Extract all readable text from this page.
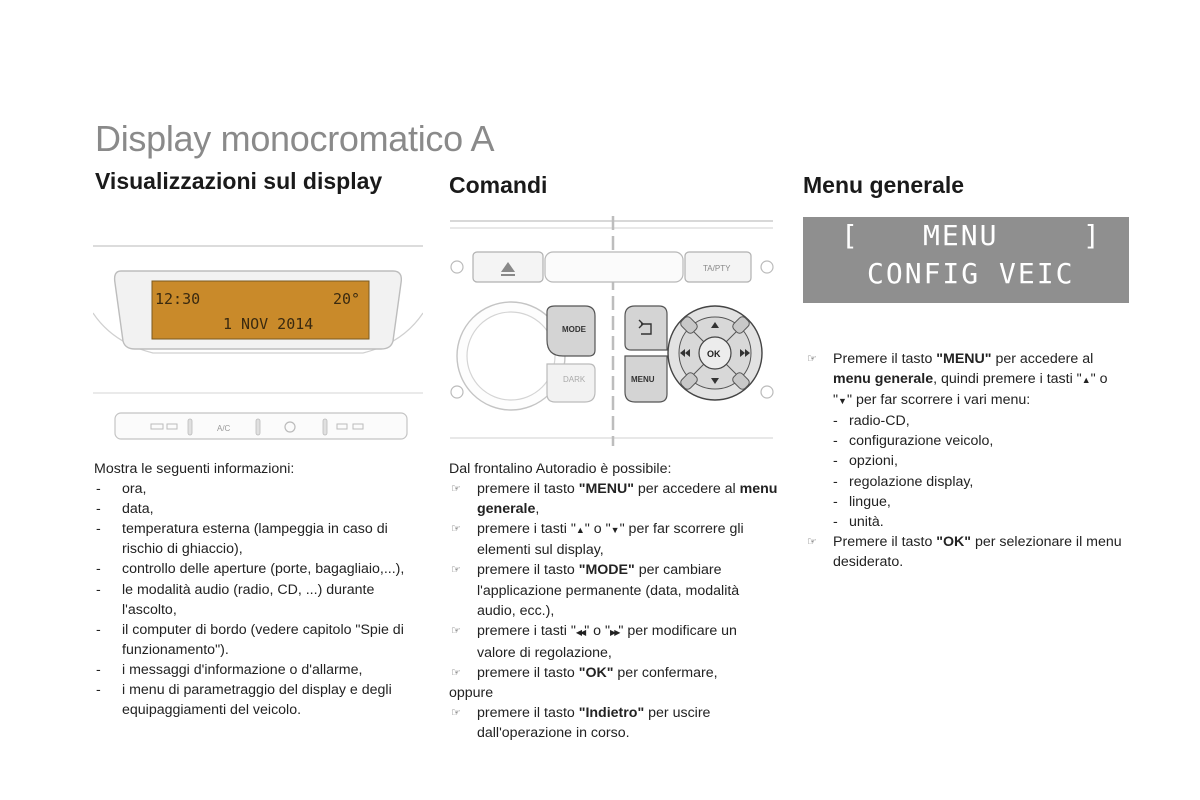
Display monocromatico A
Visualizzazioni sul display
12:30	20°
1 NOV 2014
A/C

Mostra le seguenti informazioni:

- ora,

- data,

- temperatura esterna (lampeggia in caso di rischio di ghiaccio),

- controllo delle aperture (porte, bagagliaio,...),

- le modalità audio (radio, CD, ...) durante l'ascolto,

- il computer di bordo (vedere capitolo "Spie di funzionamento").

- i messaggi d'informazione o d'allarme,

- i menu di parametraggio del display e degli equipaggiamenti del veicolo.

Comandi
TA/PTY
MODE
DARK	MENU
OK

Dal frontalino Autoradio è possibile:

☞ premere il tasto "MENU" per accedere al menu generale,

☞ premere i tasti "▲" o "▼" per far scorrere gli elementi sul display,

☞ premere il tasto "MODE" per cambiare l'applicazione permanente (data, modalità audio, ecc.),

☞ premere i tasti "◀◀" o "▶▶" per modificare un valore di regolazione,

☞ premere il tasto "OK" per confermare,

oppure

☞ premere il tasto "Indietro" per uscire dall'operazione in corso.

Menu generale
[ MENU	]
CONFIG VEIC

☞ Premere il tasto "MENU" per accedere al menu generale, quindi premere i tasti "▲" o "▼" per far scorrere i vari menu:

- radio-CD,

- configurazione veicolo,

- opzioni,

- regolazione display,

- lingue,

- unità.

☞ Premere il tasto "OK" per selezionare il menu desiderato.
